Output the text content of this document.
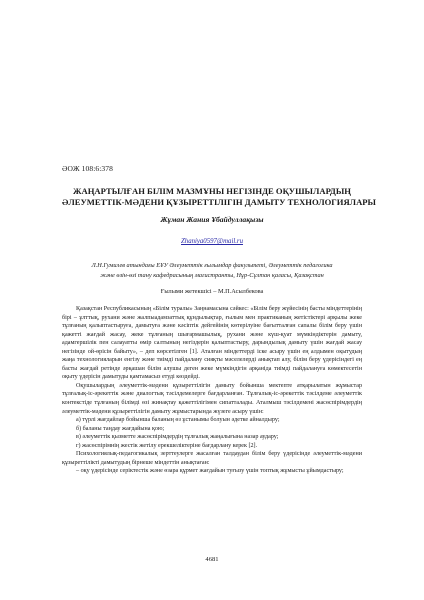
ӘОЖ 108:6:378
ЖАҢАРТЫЛҒАН БІЛІМ МАЗМҰНЫ НЕГІЗІНДЕ ОҚУШЫЛАРДЫҢ
ӘЛЕУМЕТТІК-МӘДЕНИ ҚҰЗЫРЕТТІЛІГІН ДАМЫТУ ТЕХНОЛОГИЯЛАРЫ
Жұман Жания Ұбайдуллақызы
Zhaniya0597@mail.ru
Л.Н.Гумилев атындағы ЕҰУ Әлеуметтік ғылымдар факультеті, Әлеуметтік педагогика
және өзін-өзі тану кафедрасының магистранты, Нұр-Сұлтан қаласы, Қазақстан
Ғылыми жетекшісі – М.П.Асылбекова

Қазақстан Республикасының «Білім туралы» Заңнамасына сәйкес: «Білім беру жүйесінің басты міндеттерінің бірі – ұлттық, рухани және жалпыадамзаттық құндылықтар, ғылым мен практиканың жетістіктері арқылы жеке тұлғаның қалыптастыруға, дамытуға және кәсіптік дейгейінің көтерілуіне бағытталған сапалы білім беру үшін қажетті жағдай жасау, жеке тұлғаның шығармашылық, рухани және күш-қуат мүмкіндіктерін дамыту, адамгершілік пен салауатты өмір салтының негіздерін қалыптастыру, дарындылық дамыту үшін жағдай жасау негізінде ой-өрісін байыту», – деп көрсетілген [1]. Аталған міндеттерді іске асыру үшін ең алдымен оқытудың жаңа технологияларын енгізу және тиімді пайдалану сияқты мәселелерді анықтап алу, білім беру үдерісіндегі ең басты жағдай ретінде әрқашан білім алушы деген жеке мүмкіндігін арқаніда тиімді пайдалануға көмектесетін оқыту үдерісін дамытуды қамтамасыз етуді көздейді.

Оқушылардың әлеуметтік-мәдени құзыреттілігін дамыту бойынша мектепте атқарылатын жұмыстар тұлғалық-іс-әрекеттік және диалогтық тәсілдемелерге бағдарланған. Тұлғалық-іс-әрекеттік тәсілдеме әлеуметтік контекстіде тұлғаның білімді өзі жинақтау қажеттілігімен сипатталады. Аталмыш тәсілдемені жасөспірімдердің әлеуметтік-мәдени құзыреттілігін дамыту жұмыстарында жүзеге асыру үшін:

а) түрлі жағдайлар бойынша баланың өз ұстанымы болуын әдетке айналдыру;

б) баланы таңдау жағдайына қою;

в) әлеуметтік қызметте жасөспірімдердің тұлғалық жаңалығына назар аудару;

г) жасөспірімнің жестік жетілу ерекшеліктеріне бағдарлану керек [2].

Психологиялық-педагогикалық зерттеулерге жасалған талдаудан білім беру үдерісінде әлеуметтік-мәдени құзыреттілікті дамытудың бірнеше міндеттін анықтаған:

– оқу үдерісінде серіктестік және өзара құрмет жағдайын туғызу үшін топтық жұмысты ұйымдастыру;

4681
